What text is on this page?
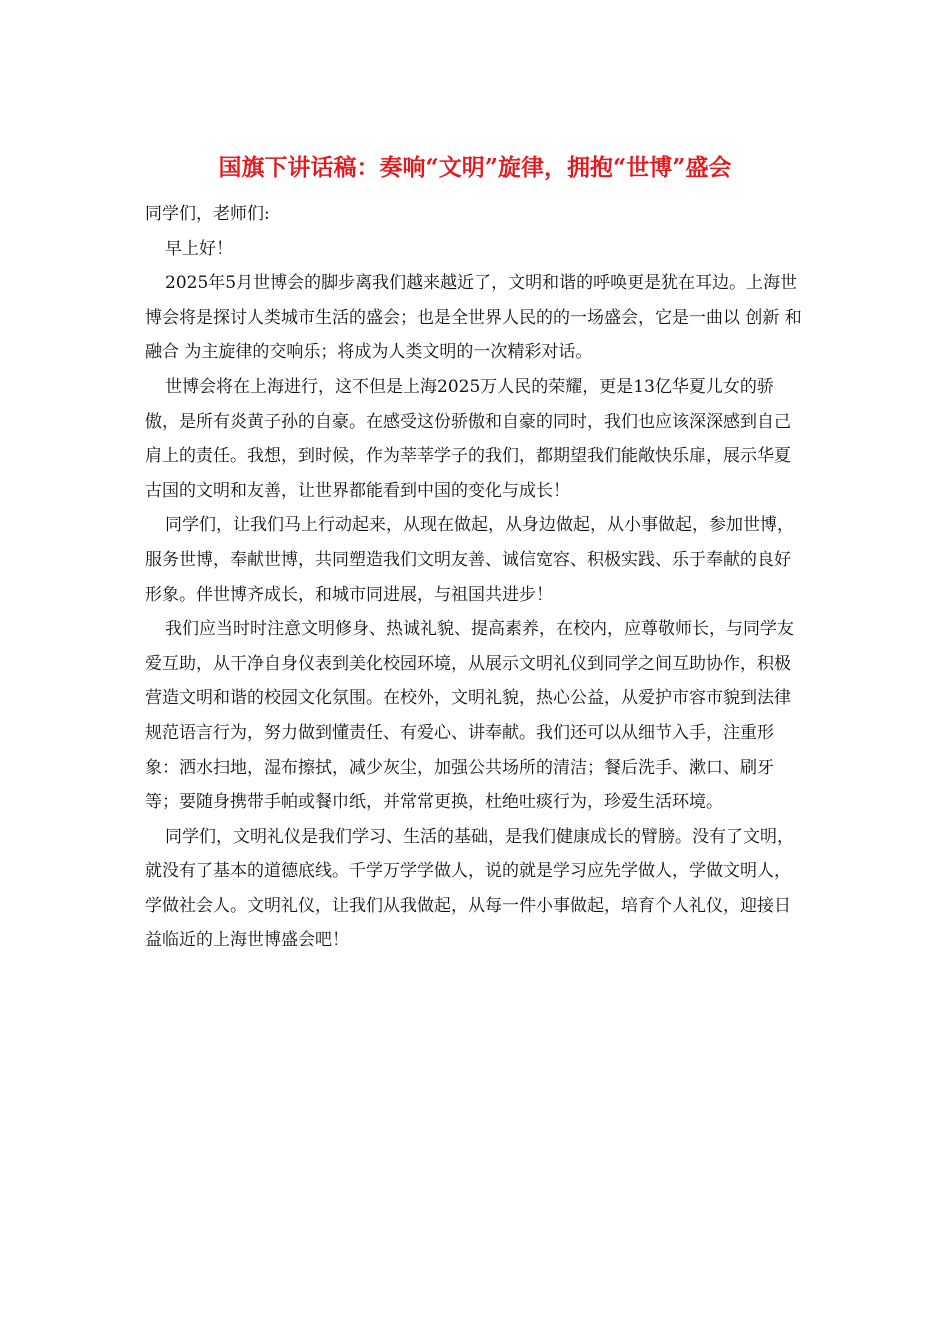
国旗下讲话稿：奏响“文明”旋律，拥抱“世博”盛会

同学们，老师们:

早上好！

2025年5月世博会的脚步离我们越来越近了，文明和谐的呼唤更是犹在耳边。上海世博会将是探讨人类城市生活的盛会；也是全世界人民的的一场盛会，它是一曲以 创新 和 融合 为主旋律的交响乐；将成为人类文明的一次精彩对话。

世博会将在上海进行，这不但是上海2025万人民的荣耀，更是13亿华夏儿女的骄傲，是所有炎黄子孙的自豪。在感受这份骄傲和自豪的同时，我们也应该深深感到自己肩上的责任。我想，到时候，作为莘莘学子的我们，都期望我们能敞快乐扉，展示华夏古国的文明和友善，让世界都能看到中国的变化与成长！

同学们，让我们马上行动起来，从现在做起，从身边做起，从小事做起，参加世博，服务世博，奉献世博，共同塑造我们文明友善、诚信宽容、积极实践、乐于奉献的良好形象。伴世博齐成长，和城市同进展，与祖国共进步！

我们应当时时注意文明修身、热诚礼貌、提高素养，在校内，应尊敬师长，与同学友爱互助，从干净自身仪表到美化校园环境，从展示文明礼仪到同学之间互助协作，积极营造文明和谐的校园文化氛围。在校外，文明礼貌，热心公益，从爱护市容市貌到法律规范语言行为，努力做到懂责任、有爱心、讲奉献。我们还可以从细节入手，注重形象：洒水扫地，湿布擦拭，减少灰尘，加强公共场所的清洁；餐后洗手、漱口、刷牙等；要随身携带手帕或餐巾纸，并常常更换，杜绝吐痰行为，珍爱生活环境。

同学们，文明礼仪是我们学习、生活的基础，是我们健康成长的臂膀。没有了文明，就没有了基本的道德底线。千学万学学做人，说的就是学习应先学做人，学做文明人，学做社会人。文明礼仪，让我们从我做起，从每一件小事做起，培育个人礼仪，迎接日益临近的上海世博盛会吧！
